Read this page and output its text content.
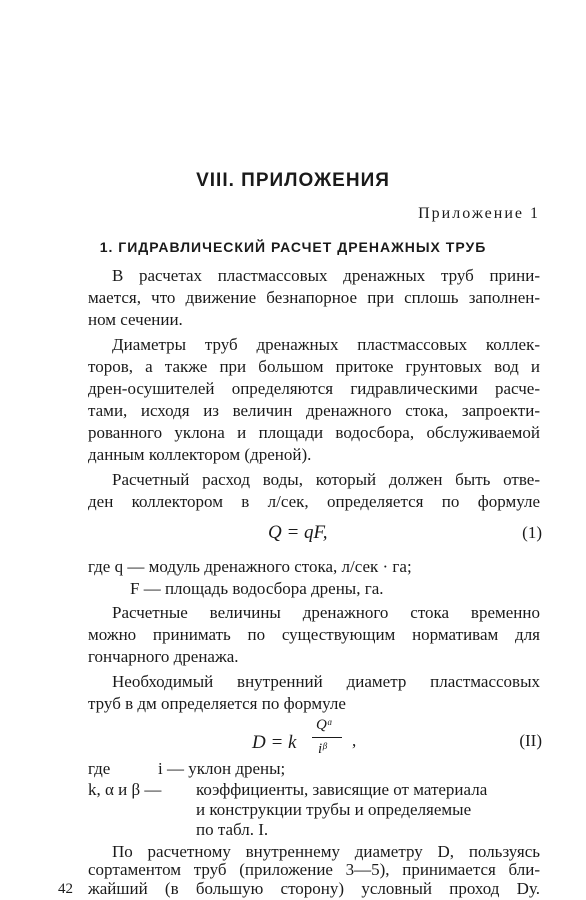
VIII. ПРИЛОЖЕНИЯ

Приложение 1

1. ГИДРАВЛИЧЕСКИЙ РАСЧЕТ ДРЕНАЖНЫХ ТРУБ

В расчетах пластмассовых дренажных труб прини-

мается, что движение безнапорное при сплошь заполнен-

ном сечении.

Диаметры труб дренажных пластмассовых коллек-

торов, а также при большом притоке грунтовых вод и

дрен-осушителей определяются гидравлическими расче-

тами, исходя из величин дренажного стока, запроекти-

рованного уклона и площади водосбора, обслуживаемой

данным коллектором (дреной).

Расчетный расход воды, который должен быть отве-

ден коллектором в л/сек, определяется по формуле

Q = qF,	(1)

где q — модуль дренажного стока, л/сек · га;

F — площадь водосбора дрены, га.

Расчетные величины дренажного стока временно

можно принимать по существующим нормативам для

гончарного дренажа.

Необходимый внутренний диаметр пластмассовых

труб в дм определяется по формуле

D = k

Qᵅ
iᵝ ,	(II)

где	i — уклон дрены;

k, α и β — коэффициенты, зависящие от материала

и конструкции трубы и определяемые

по табл. I.

По расчетному внутреннему диаметру D, пользуясь

сортаментом труб (приложение 3—5), принимается бли-

жайший (в большую сторону) условный проход Dу.

42
